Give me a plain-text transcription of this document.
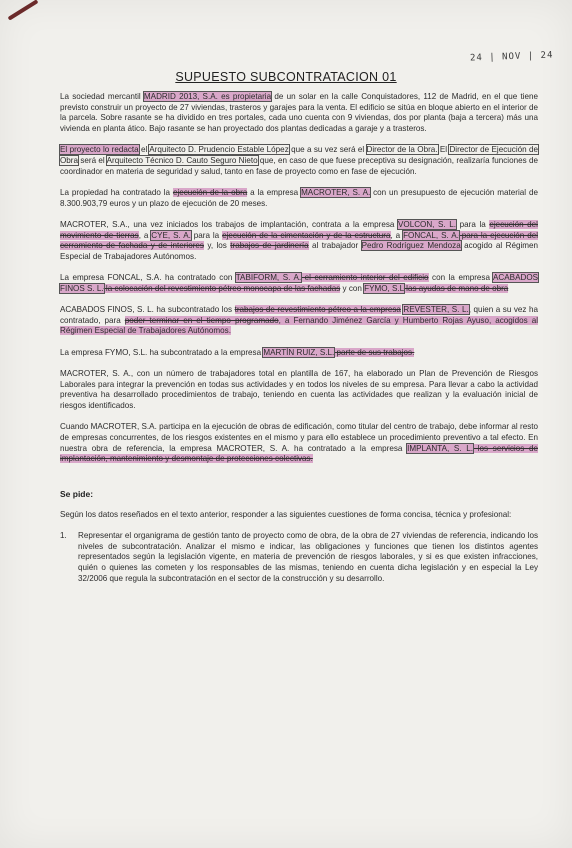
24 | NOV | 24
SUPUESTO SUBCONTRATACION 01

La sociedad mercantil MADRID 2013, S.A. es propietaria de un solar en la calle Conquistadores, 112 de Madrid, en el que tiene previsto construir un proyecto de 27 viviendas, trasteros y garajes para la venta. El edificio se sitúa en bloque abierto en el interior de la parcela. Sobre rasante se ha dividido en tres portales, cada uno cuenta con 9 viviendas, dos por planta (baja a tercera) más una vivienda en planta ático. Bajo rasante se han proyectado dos plantas dedicadas a garaje y a trasteros.

El proyecto lo redacta el Arquitecto D. Prudencio Estable López que a su vez será el Director de la Obra. El Director de Ejecución de Obra será el Arquitecto Técnico D. Cauto Seguro Nieto que, en caso de que fuese preceptiva su designación, realizaría funciones de coordinador en materia de seguridad y salud, tanto en fase de proyecto como en fase de ejecución.

La propiedad ha contratado la ejecución de la obra a la empresa MACROTER, S. A. con un presupuesto de ejecución material de 8.300.903,79 euros y un plazo de ejecución de 20 meses.

MACROTER, S.A., una vez iniciados los trabajos de implantación, contrata a la empresa VOLCON, S. L. para la ejecución del movimiento de tierras, a CYE, S. A. para la ejecución de la cimentación y de la estructura, a FONCAL, S. A. para la ejecución del cerramiento de fachada y de interiores y, los trabajos de jardinería al trabajador Pedro Rodríguez Mendoza acogido al Régimen Especial de Trabajadores Autónomos.

La empresa FONCAL, S.A. ha contratado con TABIFORM, S. A. el cerramiento interior del edificio con la empresa ACABADOS FINOS S. L. la colocación del revestimiento pétreo monocapa de las fachadas y con FYMO, S.L las ayudas de mano de obra

ACABADOS FINOS, S. L. ha subcontratado los trabajos de revestimiento pétreo a la empresa REVESTER, S. L., quien a su vez ha contratado, para poder terminar en el tiempo programado, a Fernando Jiménez García y Humberto Rojas Ayuso, acogidos al Régimen Especial de Trabajadores Autónomos.

La empresa FYMO, S.L. ha subcontratado a la empresa MARTÍN RUIZ, S.L. parte de sus trabajos.

MACROTER, S. A., con un número de trabajadores total en plantilla de 167, ha elaborado un Plan de Prevención de Riesgos Laborales para integrar la prevención en todas sus actividades y en todos los niveles de su empresa. Para llevar a cabo la actividad preventiva ha desarrollado procedimientos de trabajo, teniendo en cuenta las actividades que realizan y la evaluación inicial de riesgos identificados.

Cuando MACROTER, S.A. participa en la ejecución de obras de edificación, como titular del centro de trabajo, debe informar al resto de empresas concurrentes, de los riesgos existentes en el mismo y para ello establece un procedimiento preventivo a tal efecto. En nuestra obra de referencia, la empresa MACROTER, S. A. ha contratado a la empresa IMPLANTA, S. L. los servicios de implantación, mantenimiento y desmontaje de protecciones colectivas.

Se pide:

Según los datos reseñados en el texto anterior, responder a las siguientes cuestiones de forma concisa, técnica y profesional:

1.	Representar el organigrama de gestión tanto de proyecto como de obra, de la obra de 27 viviendas de referencia, indicando los niveles de subcontratación. Analizar el mismo e indicar, las obligaciones y funciones que tienen los distintos agentes representados según la legislación vigente, en materia de prevención de riesgos laborales, y si es que existen infracciones, quién o quienes las cometen y los responsables de las mismas, teniendo en cuenta dicha legislación y en especial la Ley 32/2006 que regula la subcontratación en el sector de la construcción y su desarrollo.
